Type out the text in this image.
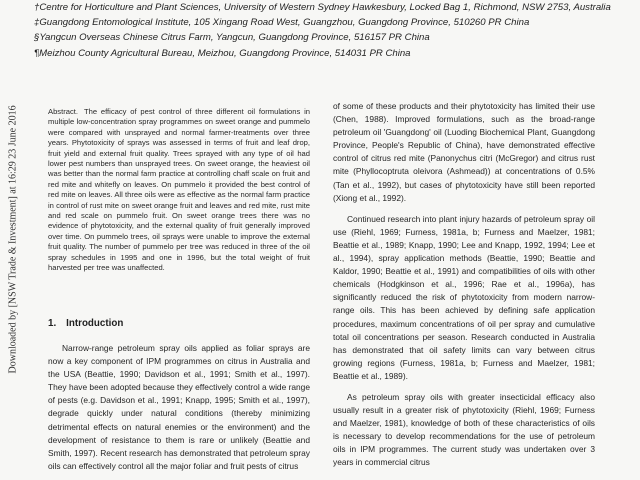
†Centre for Horticulture and Plant Sciences, University of Western Sydney Hawkesbury, Locked Bag 1, Richmond, NSW 2753, Australia

‡Guangdong Entomological Institute, 105 Xingang Road West, Guangzhou, Guangdong Province, 510260 PR China

§Yangcun Overseas Chinese Citrus Farm, Yangcun, Guangdong Province, 516157 PR China

¶Meizhou County Agricultural Bureau, Meizhou, Guangdong Province, 514031 PR China

Downloaded by [NSW Trade & Investment] at 16:29 23 June 2016	Abstract. The efficacy of pest control of three different oil formulations in multiple low-concentration spray programmes on sweet orange and pummelo were compared with unsprayed and normal farmer-treatments over three years. Phytotoxicity of sprays was assessed in terms of fruit and leaf drop, fruit yield and external fruit quality. Trees sprayed with any type of oil had lower pest numbers than unsprayed trees. On sweet orange, the heaviest oil was better than the normal farm practice at controlling chaff scale on fruit and red mite and whitefly on leaves. On pummelo it provided the best control of red mite on leaves. All three oils were as effective as the normal farm practice in control of rust mite on sweet orange fruit and leaves and red mite, rust mite and red scale on pummelo fruit. On sweet orange trees there was no evidence of phytotoxicity, and the external quality of fruit generally improved over time. On pummelo trees, oil sprays were unable to improve the external fruit quality. The number of pummelo per tree was reduced in three of the oil spray schedules in 1995 and one in 1996, but the total weight of fruit harvested per tree was unaffected.
1. Introduction

Narrow-range petroleum spray oils applied as foliar sprays are now a key component of IPM programmes on citrus in Australia and the USA (Beattie, 1990; Davidson et al., 1991; Smith et al., 1997). They have been adopted because they effectively control a wide range of pests (e.g. Davidson et al., 1991; Knapp, 1995; Smith et al., 1997), degrade quickly under natural conditions (thereby minimizing detrimental effects on natural enemies or the environment) and the development of resistance to them is rare or unlikely (Beattie and Smith, 1997). Recent research has demonstrated that petroleum spray oils can effectively control all the major foliar and fruit pests of citrus

of some of these products and their phytotoxicity has limited their use (Chen, 1988). Improved formulations, such as the broad-range petroleum oil 'Guangdong' oil (Luoding Biochemical Plant, Guangdong Province, People's Republic of China), have demonstrated effective control of citrus red mite (Panonychus citri (McGregor) and citrus rust mite (Phyllocoptruta oleivora (Ashmead)) at concentrations of 0.5% (Tan et al., 1992), but cases of phytotoxicity have still been reported (Xiong et al., 1992).

Continued research into plant injury hazards of petroleum spray oil use (Riehl, 1969; Furness, 1981a, b; Furness and Maelzer, 1981; Beattie et al., 1989; Knapp, 1990; Lee and Knapp, 1992, 1994; Lee et al., 1994), spray application methods (Beattie, 1990; Beattie and Kaldor, 1990; Beattie et al., 1991) and compatibilities of oils with other chemicals (Hodgkinson et al., 1996; Rae et al., 1996a), has significantly reduced the risk of phytotoxicity from modern narrow-range oils. This has been achieved by defining safe application procedures, maximum concentrations of oil per spray and cumulative total oil concentrations per season. Research conducted in Australia has demonstrated that oil safety limits can vary between citrus growing regions (Furness, 1981a, b; Furness and Maelzer, 1981; Beattie et al., 1989).

As petroleum spray oils with greater insecticidal efficacy also usually result in a greater risk of phytotoxicity (Riehl, 1969; Furness and Maelzer, 1981), knowledge of both of these characteristics of oils is necessary to develop recommendations for the use of petroleum oils in IPM programmes. The current study was undertaken over 3 years in commercial citrus
